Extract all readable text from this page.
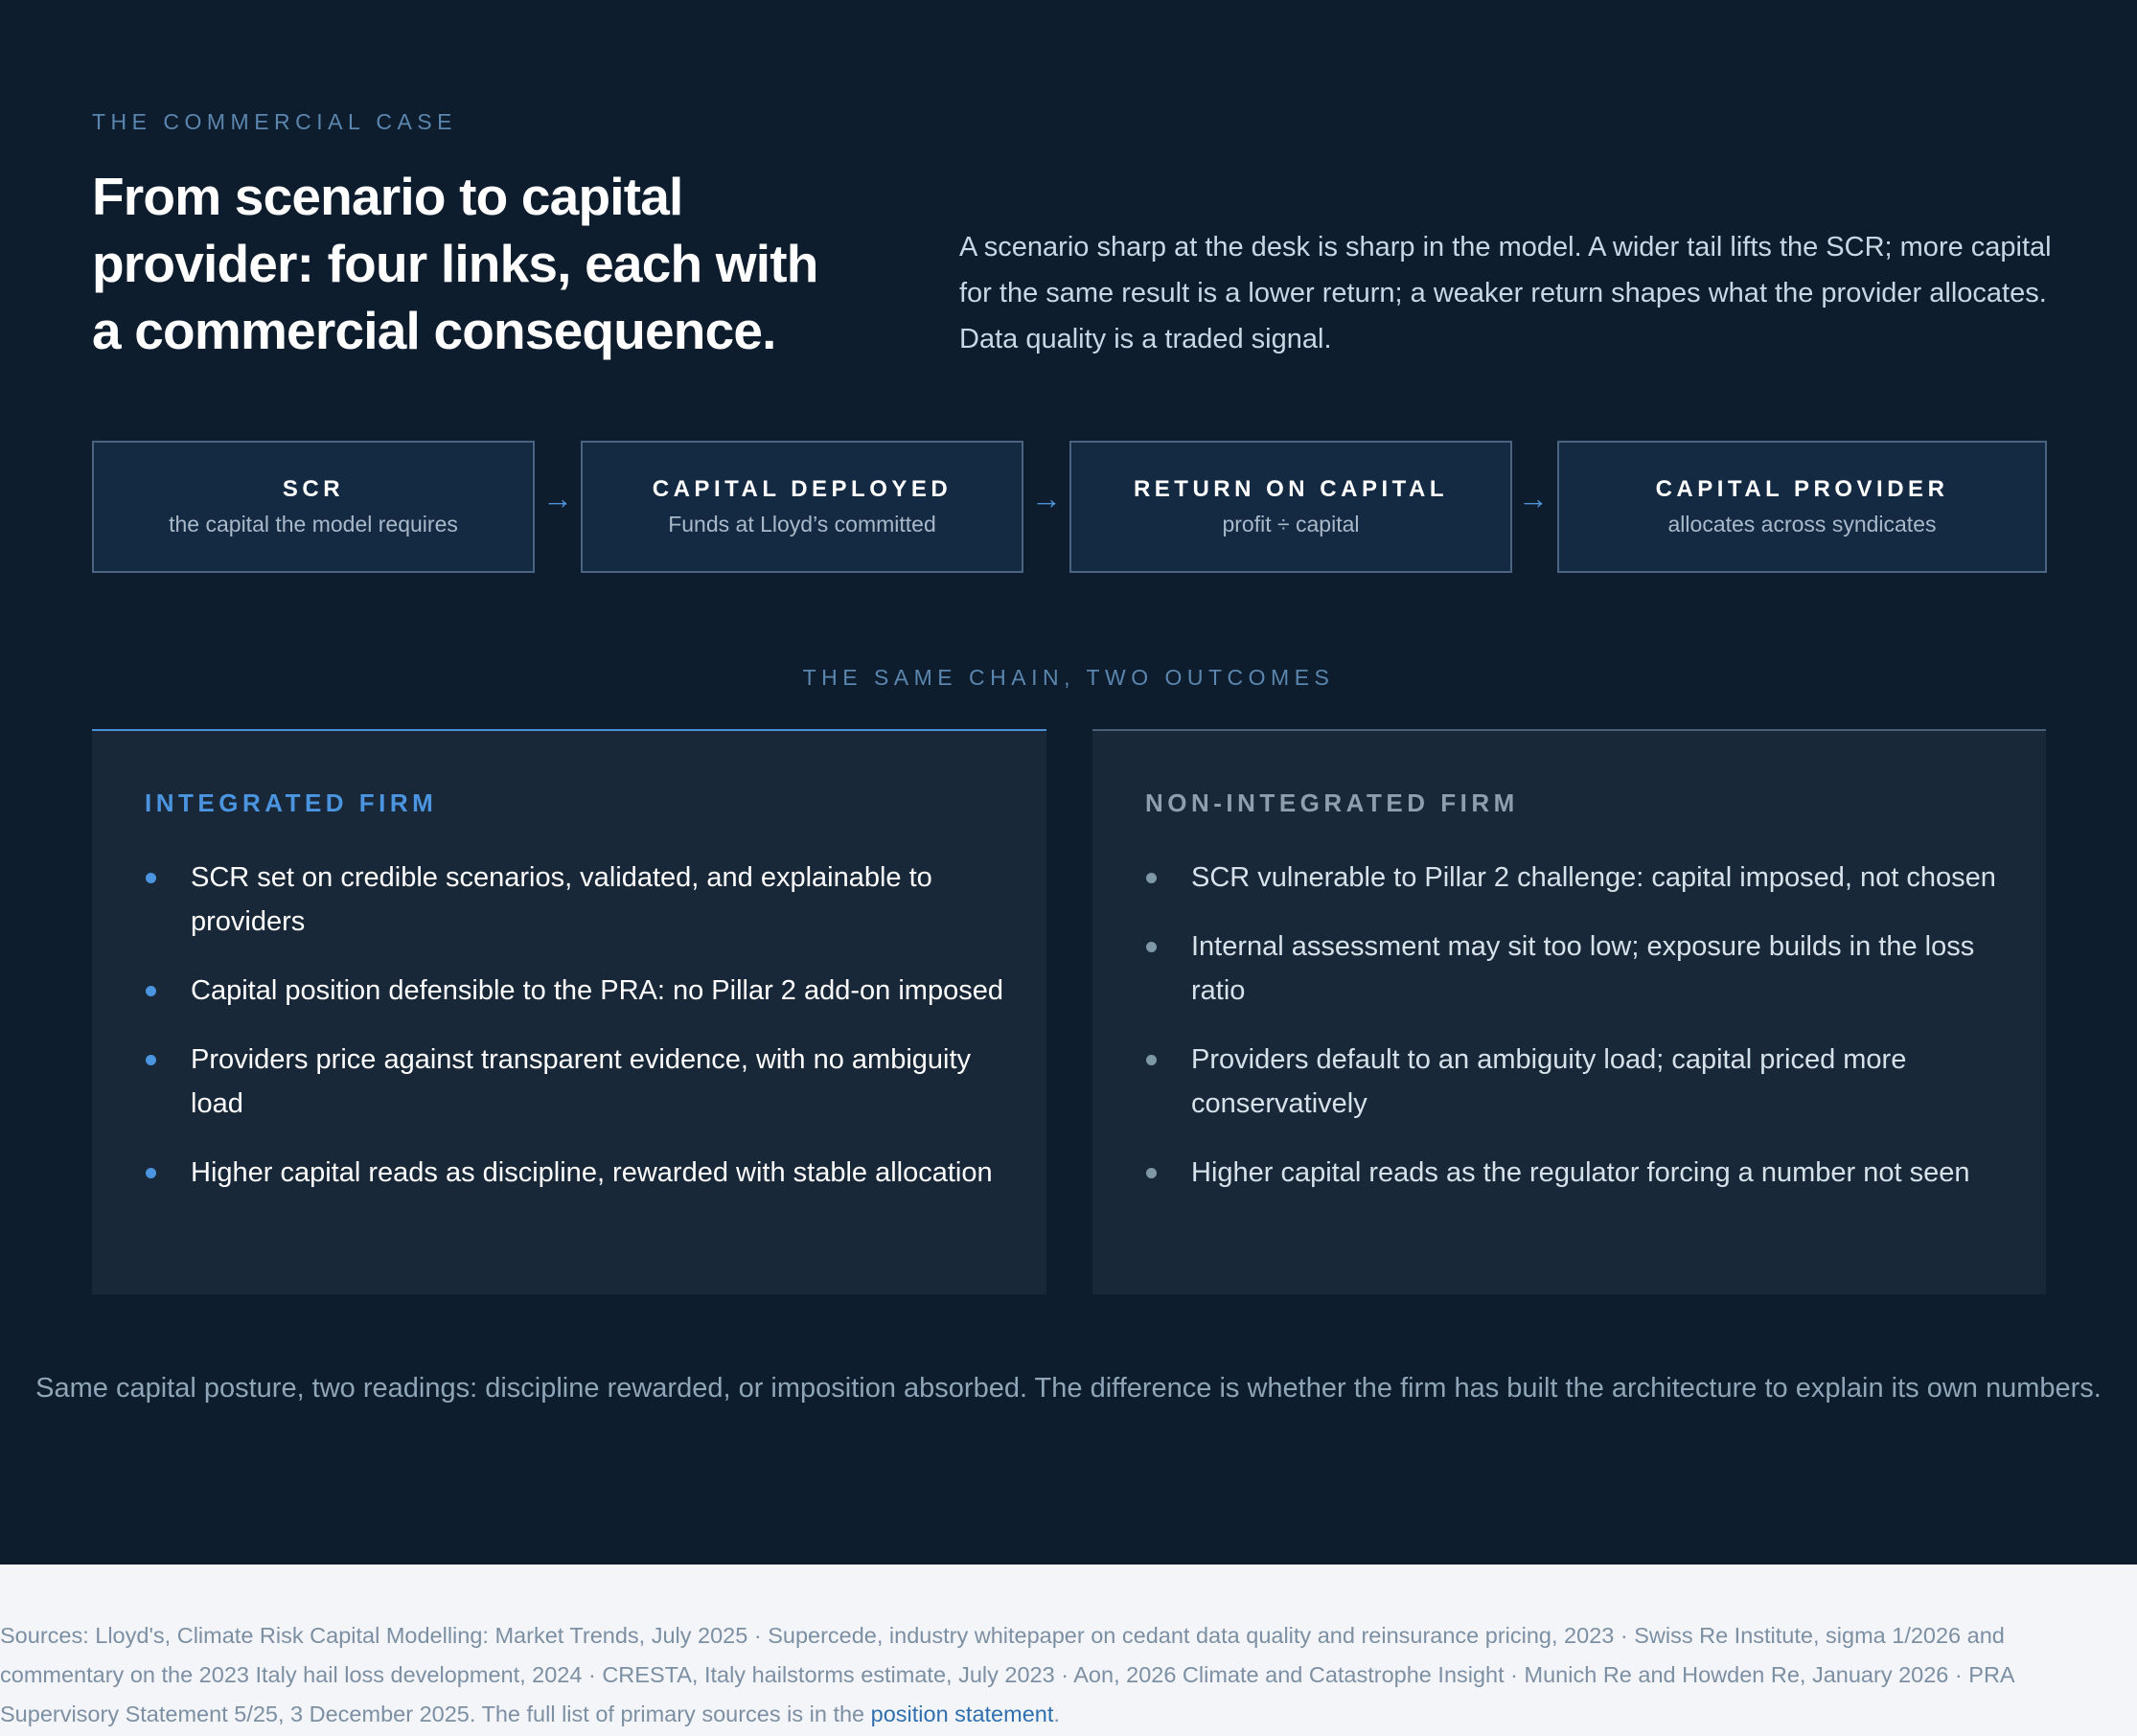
THE COMMERCIAL CASE
From scenario to capital provider: four links, each with a commercial consequence.

A scenario sharp at the desk is sharp in the model. A wider tail lifts the SCR; more capital for the same result is a lower return; a weaker return shapes what the provider allocates. Data quality is a traded signal.

SCR
the capital the model requires
→	CAPITAL DEPLOYED
Funds at Lloyd’s committed
→	RETURN ON CAPITAL
profit ÷ capital
→	CAPITAL PROVIDER
allocates across syndicates
THE SAME CHAIN, TWO OUTCOMES
INTEGRATED FIRM
SCR set on credible scenarios, validated, and explainable to providers
Capital position defensible to the PRA: no Pillar 2 add-on imposed
Providers price against transparent evidence, with no ambiguity load
Higher capital reads as discipline, rewarded with stable allocation
NON-INTEGRATED FIRM
SCR vulnerable to Pillar 2 challenge: capital imposed, not chosen
Internal assessment may sit too low; exposure builds in the loss ratio
Providers default to an ambiguity load; capital priced more conservatively
Higher capital reads as the regulator forcing a number not seen

Same capital posture, two readings: discipline rewarded, or imposition absorbed. The difference is whether the firm has built the architecture to explain its own numbers.

Sources: Lloyd's, Climate Risk Capital Modelling: Market Trends, July 2025 · Supercede, industry whitepaper on cedant data quality and reinsurance pricing, 2023 · Swiss Re Institute, sigma 1/2026 and commentary on the 2023 Italy hail loss development, 2024 · CRESTA, Italy hailstorms estimate, July 2023 · Aon, 2026 Climate and Catastrophe Insight · Munich Re and Howden Re, January 2026 · PRA Supervisory Statement 5/25, 3 December 2025. The full list of primary sources is in the position statement.
